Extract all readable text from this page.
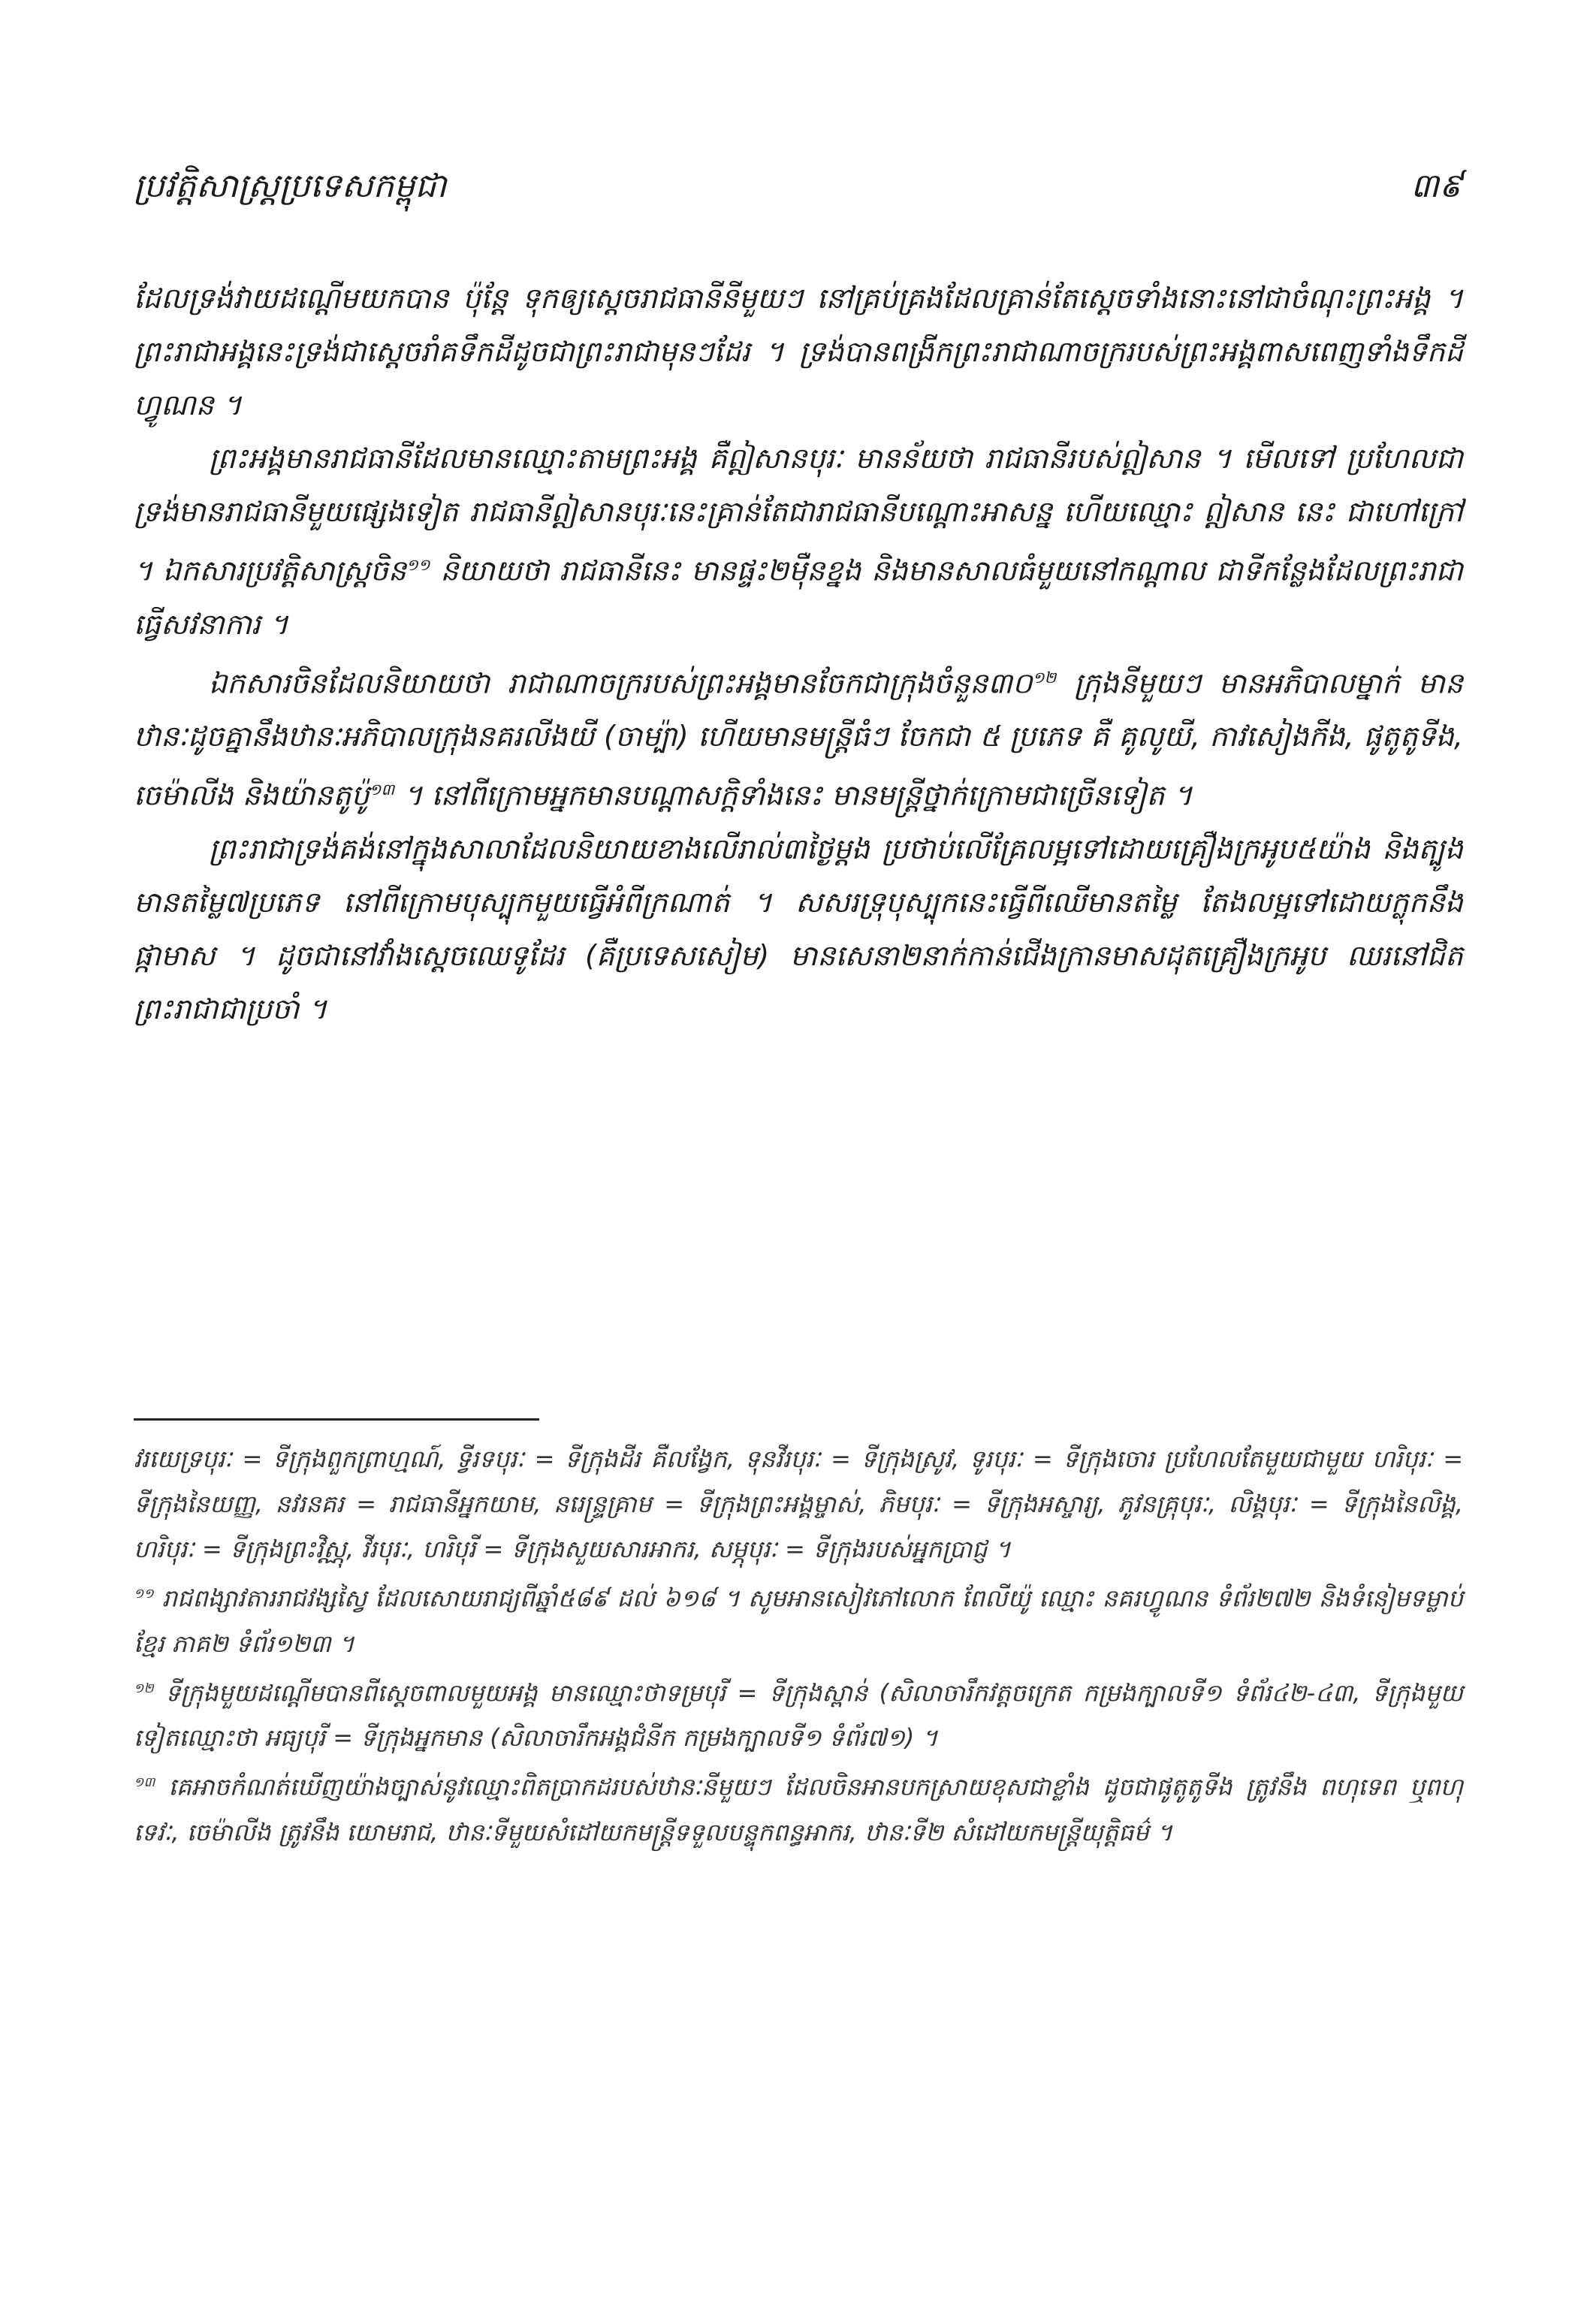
ប្រវត្តិសាស្ត្រប្រទេសកម្ពុជា	៣៩

ដែលទ្រង់វាយដណ្ដើមយកបាន ប៉ុន្តែ ទុកឲ្យស្ដេចរាជធានីនីមួយៗ នៅគ្រប់គ្រងដែលគ្រាន់តែស្ដេចទាំងនោះនៅជាចំណុះព្រះអង្គ ។ ព្រះរាជាអង្គនេះទ្រង់ជាស្ដេចរាំគទឹកដីដូចជាព្រះរាជាមុនៗដែរ ។ ទ្រង់បានពង្រីកព្រះរាជាណាចក្ររបស់ព្រះអង្គពាសពេញទាំងទឹកដីហ្វូណន ។

ព្រះអង្គមានរាជធានីដែលមានឈ្មោះតាមព្រះអង្គ គឺឦសានបុរៈ មានន័យថា រាជធានីរបស់ឦសាន ។ មើលទៅ ប្រហែលជាទ្រង់មានរាជធានីមួយផ្សេងទៀត រាជធានីឦសានបុរៈនេះគ្រាន់តែជារាជធានីបណ្ដោះអាសន្ន ហើយឈ្មោះ ឦសាន នេះ ជាហៅក្រៅ ។ ឯកសារប្រវត្តិសាស្ត្រចិន$^{១១}$ និយាយថា រាជធានីនេះ មានផ្ទះ២ម៉ឺនខ្នង និងមានសាលធំមួយនៅកណ្ដាល ជាទីកន្លែងដែលព្រះរាជាធ្វើសវនាការ ។

ឯកសារចិនដែលនិយាយថា រាជាណាចក្ររបស់ព្រះអង្គមានចែកជាក្រុងចំនួន៣០$^{១២}$ ក្រុងនីមួយៗ មានអភិបាលម្នាក់ មានឋានៈដូចគ្នានឹងឋានៈអភិបាលក្រុងនគរលីងយី (ចាម្ប៉ា) ហើយមានមន្ត្រីធំៗ ចែកជា ៥ ប្រភេទ គឺ គូលូយី, កាវសៀងកីង, ផូតូតូទីង, ចេម៉ាលីង និងយ៉ានតូប៉ូ$^{១៣}$ ។ នៅពីក្រោមអ្នកមានបណ្ដាសក្តិទាំងនេះ មានមន្ត្រីថ្នាក់ក្រោមជាច្រើនទៀត ។

ព្រះរាជាទ្រង់គង់នៅក្នុងសាលាដែលនិយាយខាងលើរាល់៣ថ្ងៃម្ដង ប្រថាប់លើគ្រែលម្អទៅដោយគ្រឿងក្រអូប៥យ៉ាង និងត្បូងមានតម្លៃ៧ប្រភេទ នៅពីក្រោមបុស្បុកមួយធ្វើអំពីក្រណាត់ ។ សសរទ្រុបុស្បុកនេះធ្វើពីឈើមានតម្លៃ តែងលម្អទៅដោយក្លុកនឹងផ្កាមាស ។ ដូចជានៅវាំងស្ដេចឈេទូដែរ (គឺប្រទេសសៀម) មានសេនា២នាក់កាន់ជើងក្រានមាសដុតគ្រឿងក្រអូប ឈរនៅជិតព្រះរាជាជាប្រចាំ ។

វរយេទ្របុរៈ = ទីក្រុងពួកព្រាហ្មណ៍, ទ្វីរទបុរៈ = ទីក្រុងដីរ គឺលង្វែក, ទុនវីរបុរៈ = ទីក្រុងស្រូវ, ទូរបុរៈ = ទីក្រុងចោរ ប្រហែលតែមួយជាមួយ ហរិបុរៈ = ទីក្រុងនៃយញ្ញ, នវរនគរ = រាជធានីអ្នកយាម, នរេន្ទ្រគ្រាម = ទីក្រុងព្រះអង្គម្ចាស់, ភិមបុរៈ = ទីក្រុងអស្ចារ្យ, ភូវនគ្រុបុរៈ, លិង្គបុរៈ = ទីក្រុងនៃលិង្គ, ហរិបុរៈ = ទីក្រុងព្រះវិស្ណុ, វីរបុរៈ, ហរិបុរី = ទីក្រុងសួយសារអាករ, សម្ភុបុរៈ = ទីក្រុងរបស់អ្នកប្រាជ្ញ ។

$^{១១}$ រាជពង្សាវតាររាជវង្សស្វៃ ដែលសោយរាជ្យពីឆ្នាំ៥៨៩ ដល់ ៦១៨ ។ សូមអានសៀវភៅលោក ពែលីយ៉ូ ឈ្មោះ នគរហ្វូណន ទំព័រ២៧២ និងទំនៀមទម្លាប់ខ្មែរ ភាគ២ ទំព័រ១២៣ ។

$^{១២}$ ទីក្រុងមួយដណ្ដើមបានពីស្ដេចពាលមួយអង្គ មានឈ្មោះថាទម្របុរី = ទីក្រុងស្ពាន់ (សិលាចារឹកវត្តចក្រេត កម្រងក្បាលទី១ ទំព័រ៤២-៤៣, ទីក្រុងមួយទៀតឈ្មោះថា អធ្យបុរី = ទីក្រុងអ្នកមាន (សិលាចារឹកអង្គជំនីក កម្រងក្បាលទី១ ទំព័រ៧១) ។

$^{១៣}$ គេអាចកំណត់ឃើញយ៉ាងច្បាស់នូវឈ្មោះពិតប្រាកដរបស់ឋានៈនីមួយៗ ដែលចិនអានបកស្រាយខុសជាខ្លាំង ដូចជាផូតូតូទីង ត្រូវនឹង ពហុទេព ឬពហុទេវៈ, ចេម៉ាលីង ត្រូវនឹង យោមរាជ, ឋានៈទីមួយសំដៅយកមន្ត្រីទទួលបន្ទុកពន្ធអាករ, ឋានៈទី២ សំដៅយកមន្ត្រីយុត្តិធម៌ ។
